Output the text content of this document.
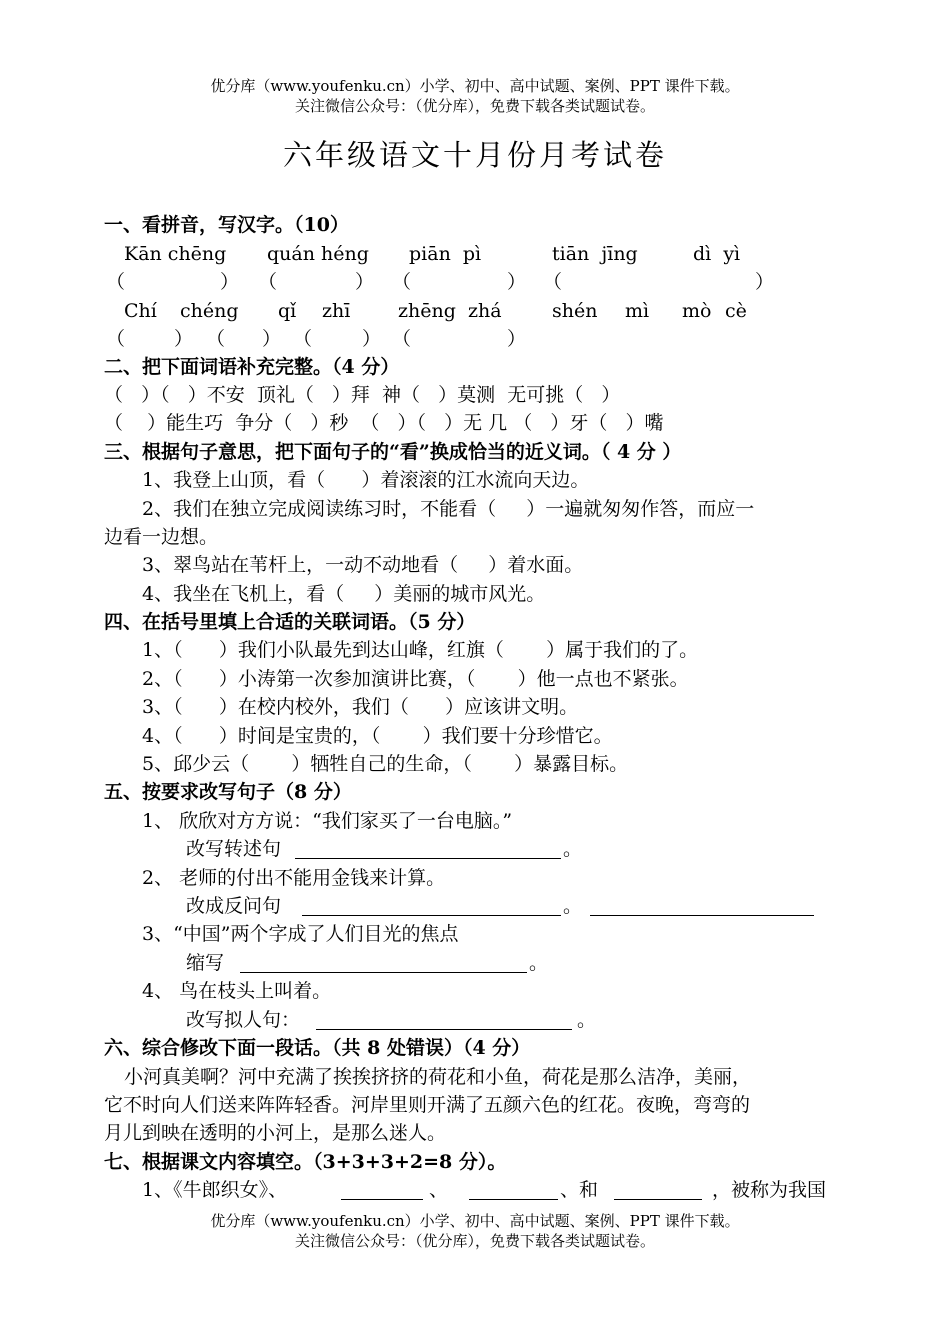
优分库（www.youfenku.cn）小学、初中、高中试题、案例、PPT 课件下载。
关注微信公众号：（优分库），免费下载各类试题试卷。
六年级语文十月份月考试卷
一、看拼音，写汉字。（10）
Kān chēng quán héng piān  pì	tiān  jīng	dì  yì
（	） （	） （	） （	）
Chí chéng qǐ zhī	zhēng  zhá	shén mì mò cè
（	） （ ） （	） （	）
二、把下面词语补充完整。（4 分）
（   ）（   ）不安  顶礼（   ）拜  神（   ）莫测  无可挑（   ）
（    ）能生巧  争分（   ）秒  （   ）（   ）无 几 （   ）牙（   ）嘴
三、根据句子意思，把下面句子的“看”换成恰当的近义词。（ 4 分 ）
1、我登上山顶，看（      ）着滚滚的江水流向天边。
2、我们在独立完成阅读练习时，不能看（     ）一遍就匆匆作答，而应一
边看一边想。
3、翠鸟站在苇杆上，一动不动地看（     ）着水面。
4、我坐在飞机上，看（     ）美丽的城市风光。
四、在括号里填上合适的关联词语。（5 分）
1、（      ）我们小队最先到达山峰，红旗（       ）属于我们的了。
2、（      ）小涛第一次参加演讲比赛，（       ）他一点也不紧张。
3、（      ）在校内校外，我们（      ）应该讲文明。
4、（      ）时间是宝贵的，（       ）我们要十分珍惜它。
5、邱少云（       ）牺牲自己的生命，（       ）暴露目标。
五、按要求改写句子（8 分）
1、 欣欣对方方说：“我们家买了一台电脑。”
改写转述句	。
2、 老师的付出不能用金钱来计算。
改成反问句	。
3、“中国”两个字成了人们目光的焦点
缩写	。
4、 鸟在枝头上叫着。
改写拟人句：	。
六、综合修改下面一段话。（共 8 处错误）（4 分）
小河真美啊？河中充满了挨挨挤挤的荷花和小鱼，荷花是那么洁净，美丽，
它不时向人们送来阵阵轻香。河岸里则开满了五颜六色的红花。夜晚，弯弯的
月儿到映在透明的小河上，是那么迷人。
七、根据课文内容填空。（3+3+3+2=8 分）。
1、《牛郎织女》、	、	、和	，被称为我国
优分库（www.youfenku.cn）小学、初中、高中试题、案例、PPT 课件下载。
关注微信公众号：（优分库），免费下载各类试题试卷。
